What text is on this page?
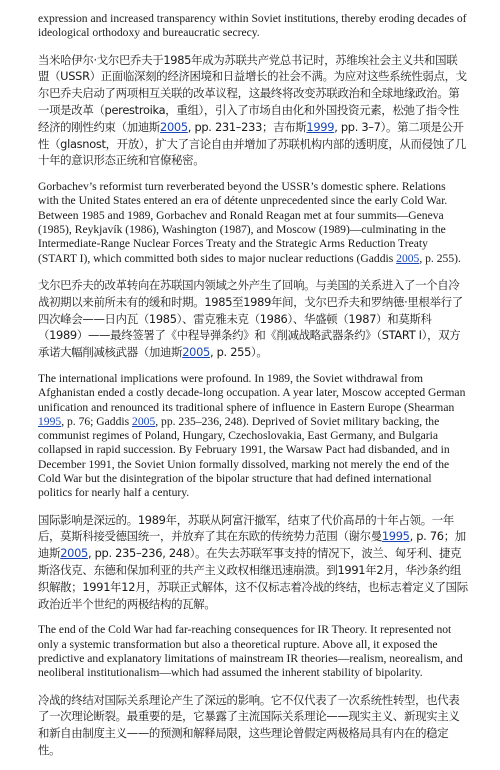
expression and increased transparency within Soviet institutions, thereby eroding decades of ideological orthodoxy and bureaucratic secrecy.

当米哈伊尔·戈尔巴乔夫于1985年成为苏联共产党总书记时，苏维埃社会主义共和国联盟（USSR）正面临深刻的经济困境和日益增长的社会不满。为应对这些系统性弱点，戈尔巴乔夫启动了两项相互关联的改革议程，这最终将改变苏联政治和全球地缘政治。第一项是改革（perestroika，重组），引入了市场自由化和外国投资元素，松弛了指令性经济的刚性约束（加迪斯2005, pp. 231–233；吉布斯1999, pp. 3–7）。第二项是公开性（glasnost，开放），扩大了言论自由并增加了苏联机构内部的透明度，从而侵蚀了几十年的意识形态正统和官僚秘密。

Gorbachev’s reformist turn reverberated beyond the USSR’s domestic sphere. Relations with the United States entered an era of détente unprecedented since the early Cold War. Between 1985 and 1989, Gorbachev and Ronald Reagan met at four summits—Geneva (1985), Reykjavík (1986), Washington (1987), and Moscow (1989)—culminating in the Intermediate-Range Nuclear Forces Treaty and the Strategic Arms Reduction Treaty (START I), which committed both sides to major nuclear reductions (Gaddis 2005, p. 255).

戈尔巴乔夫的改革转向在苏联国内领域之外产生了回响。与美国的关系进入了一个自冷战初期以来前所未有的缓和时期。1985至1989年间，戈尔巴乔夫和罗纳德·里根举行了四次峰会——日内瓦（1985）、雷克雅未克（1986）、华盛顿（1987）和莫斯科（1989）——最终签署了《中程导弹条约》和《削减战略武器条约》（START I），双方承诺大幅削减核武器（加迪斯2005, p. 255）。

The international implications were profound. In 1989, the Soviet withdrawal from Afghanistan ended a costly decade-long occupation. A year later, Moscow accepted German unification and renounced its traditional sphere of influence in Eastern Europe (Shearman 1995, p. 76; Gaddis 2005, pp. 235–236, 248). Deprived of Soviet military backing, the communist regimes of Poland, Hungary, Czechoslovakia, East Germany, and Bulgaria collapsed in rapid succession. By February 1991, the Warsaw Pact had disbanded, and in December 1991, the Soviet Union formally dissolved, marking not merely the end of the Cold War but the disintegration of the bipolar structure that had defined international politics for nearly half a century.

国际影响是深远的。1989年，苏联从阿富汗撤军，结束了代价高昂的十年占领。一年后，莫斯科接受德国统一，并放弃了其在东欧的传统势力范围（谢尔曼1995, p. 76；加迪斯2005, pp. 235–236, 248）。在失去苏联军事支持的情况下，波兰、匈牙利、捷克斯洛伐克、东德和保加利亚的共产主义政权相继迅速崩溃。到1991年2月，华沙条约组织解散；1991年12月，苏联正式解体，这不仅标志着冷战的终结，也标志着定义了国际政治近半个世纪的两极结构的瓦解。

The end of the Cold War had far-reaching consequences for IR Theory. It represented not only a systemic transformation but also a theoretical rupture. Above all, it exposed the predictive and explanatory limitations of mainstream IR theories—realism, neorealism, and neoliberal institutionalism—which had assumed the inherent stability of bipolarity.

冷战的终结对国际关系理论产生了深远的影响。它不仅代表了一次系统性转型，也代表了一次理论断裂。最重要的是，它暴露了主流国际关系理论——现实主义、新现实主义和新自由制度主义——的预测和解释局限，这些理论曾假定两极格局具有内在的稳定性。
